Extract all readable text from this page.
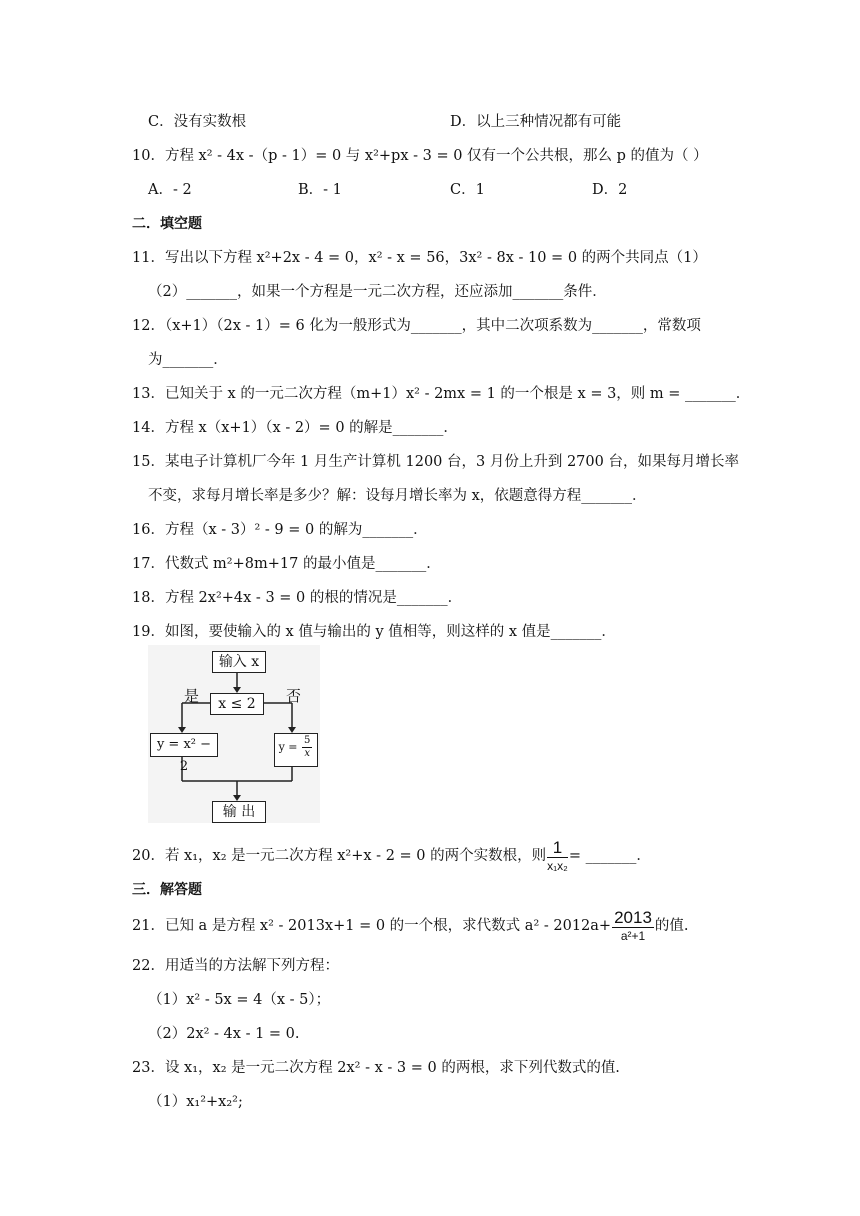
C．没有实数根	D．以上三种情况都有可能
10．方程 x² - 4x -（p - 1）= 0 与 x²+px - 3 = 0 仅有一个公共根，那么 p 的值为（ ）
A．- 2	B．- 1	C．1	D．2
二．填空题
11．写出以下方程 x²+2x - 4 = 0，x² - x = 56，3x² - 8x - 10 = 0 的两个共同点（1）
（2）_______，如果一个方程是一元二次方程，还应添加_______条件．
12．（x+1）（2x - 1）= 6 化为一般形式为_______，其中二次项系数为_______，常数项
为_______．
13．已知关于 x 的一元二次方程（m+1）x² - 2mx = 1 的一个根是 x = 3，则 m = _______．
14．方程 x（x+1）（x - 2）= 0 的解是_______．
15．某电子计算机厂今年 1 月生产计算机 1200 台，3 月份上升到 2700 台，如果每月增长率
不变，求每月增长率是多少？解：设每月增长率为 x，依题意得方程_______．
16．方程（x - 3）² - 9 = 0 的解为_______．
17．代数式 m²+8m+17 的最小值是_______．
18．方程 2x²+4x - 3 = 0 的根的情况是_______．
19．如图，要使输入的 x 值与输出的 y 值相等，则这样的 x 值是_______．
三．解答题
22．用适当的方法解下列方程：
（1）x² - 5x = 4（x - 5）；
（2）2x² - 4x - 1 = 0.
23．设 x₁，x₂ 是一元二次方程 2x² - x - 3 = 0 的两根，求下列代数式的值.
（1）x₁²+x₂²;
输入 x
x ≤ 2
是	否
y = x² − 2
$y = \frac{5}{x}$
输 出
20．若 x₁，x₂ 是一元二次方程 x²+x - 2 = 0 的两个实数根，则 $\frac{1}{\text{x₁x₂}}$ = _______．
21．已知 a 是方程 x² - 2013x+1 = 0 的一个根，求代数式 $a^2 - 2012a+ \frac{2013}{\text{a²+1}}$ 的值.
